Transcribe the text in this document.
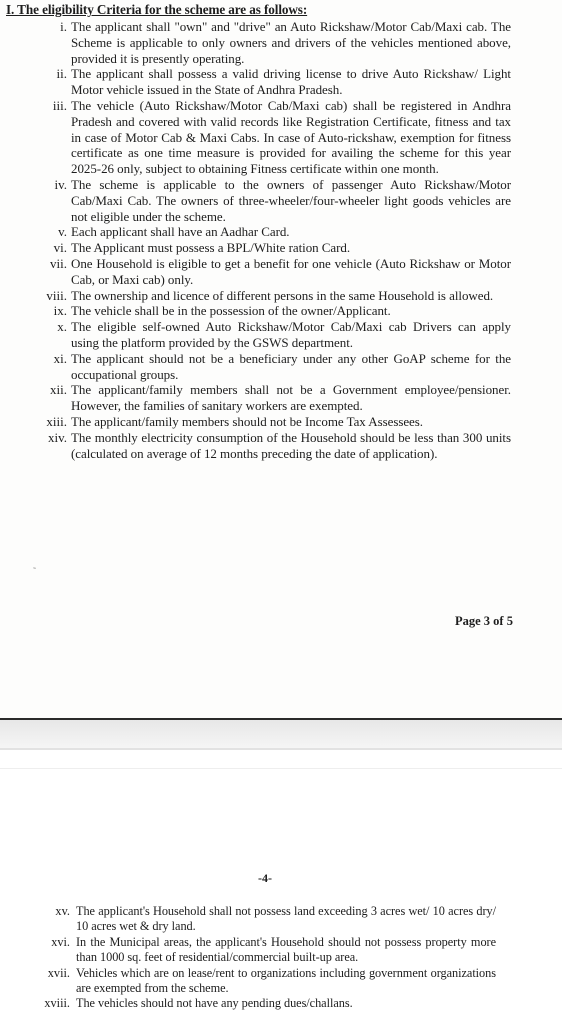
I. The eligibility Criteria for the scheme are as follows:
i. The applicant shall "own" and "drive" an Auto Rickshaw/Motor Cab/Maxi cab. The Scheme is applicable to only owners and drivers of the vehicles mentioned above, provided it is presently operating.
ii. The applicant shall possess a valid driving license to drive Auto Rickshaw/ Light Motor vehicle issued in the State of Andhra Pradesh.
iii. The vehicle (Auto Rickshaw/Motor Cab/Maxi cab) shall be registered in Andhra Pradesh and covered with valid records like Registration Certificate, fitness and tax in case of Motor Cab & Maxi Cabs. In case of Auto-rickshaw, exemption for fitness certificate as one time measure is provided for availing the scheme for this year 2025-26 only, subject to obtaining Fitness certificate within one month.
iv. The scheme is applicable to the owners of passenger Auto Rickshaw/Motor Cab/Maxi Cab. The owners of three-wheeler/four-wheeler light goods vehicles are not eligible under the scheme.
v. Each applicant shall have an Aadhar Card.
vi. The Applicant must possess a BPL/White ration Card.
vii. One Household is eligible to get a benefit for one vehicle (Auto Rickshaw or Motor Cab, or Maxi cab) only.
viii. The ownership and licence of different persons in the same Household is allowed.
ix. The vehicle shall be in the possession of the owner/Applicant.
x. The eligible self-owned Auto Rickshaw/Motor Cab/Maxi cab Drivers can apply using the platform provided by the GSWS department.
xi. The applicant should not be a beneficiary under any other GoAP scheme for the occupational groups.
xii. The applicant/family members shall not be a Government employee/pensioner. However, the families of sanitary workers are exempted.
xiii. The applicant/family members should not be Income Tax Assessees.
xiv. The monthly electricity consumption of the Household should be less than 300 units (calculated on average of 12 months preceding the date of application).
˜
Page 3 of 5
-4-
xv. The applicant's Household shall not possess land exceeding 3 acres wet/ 10 acres dry/ 10 acres wet & dry land.
xvi. In the Municipal areas, the applicant's Household should not possess property more than 1000 sq. feet of residential/commercial built-up area.
xvii. Vehicles which are on lease/rent to organizations including government organizations are exempted from the scheme.
xviii. The vehicles should not have any pending dues/challans.
